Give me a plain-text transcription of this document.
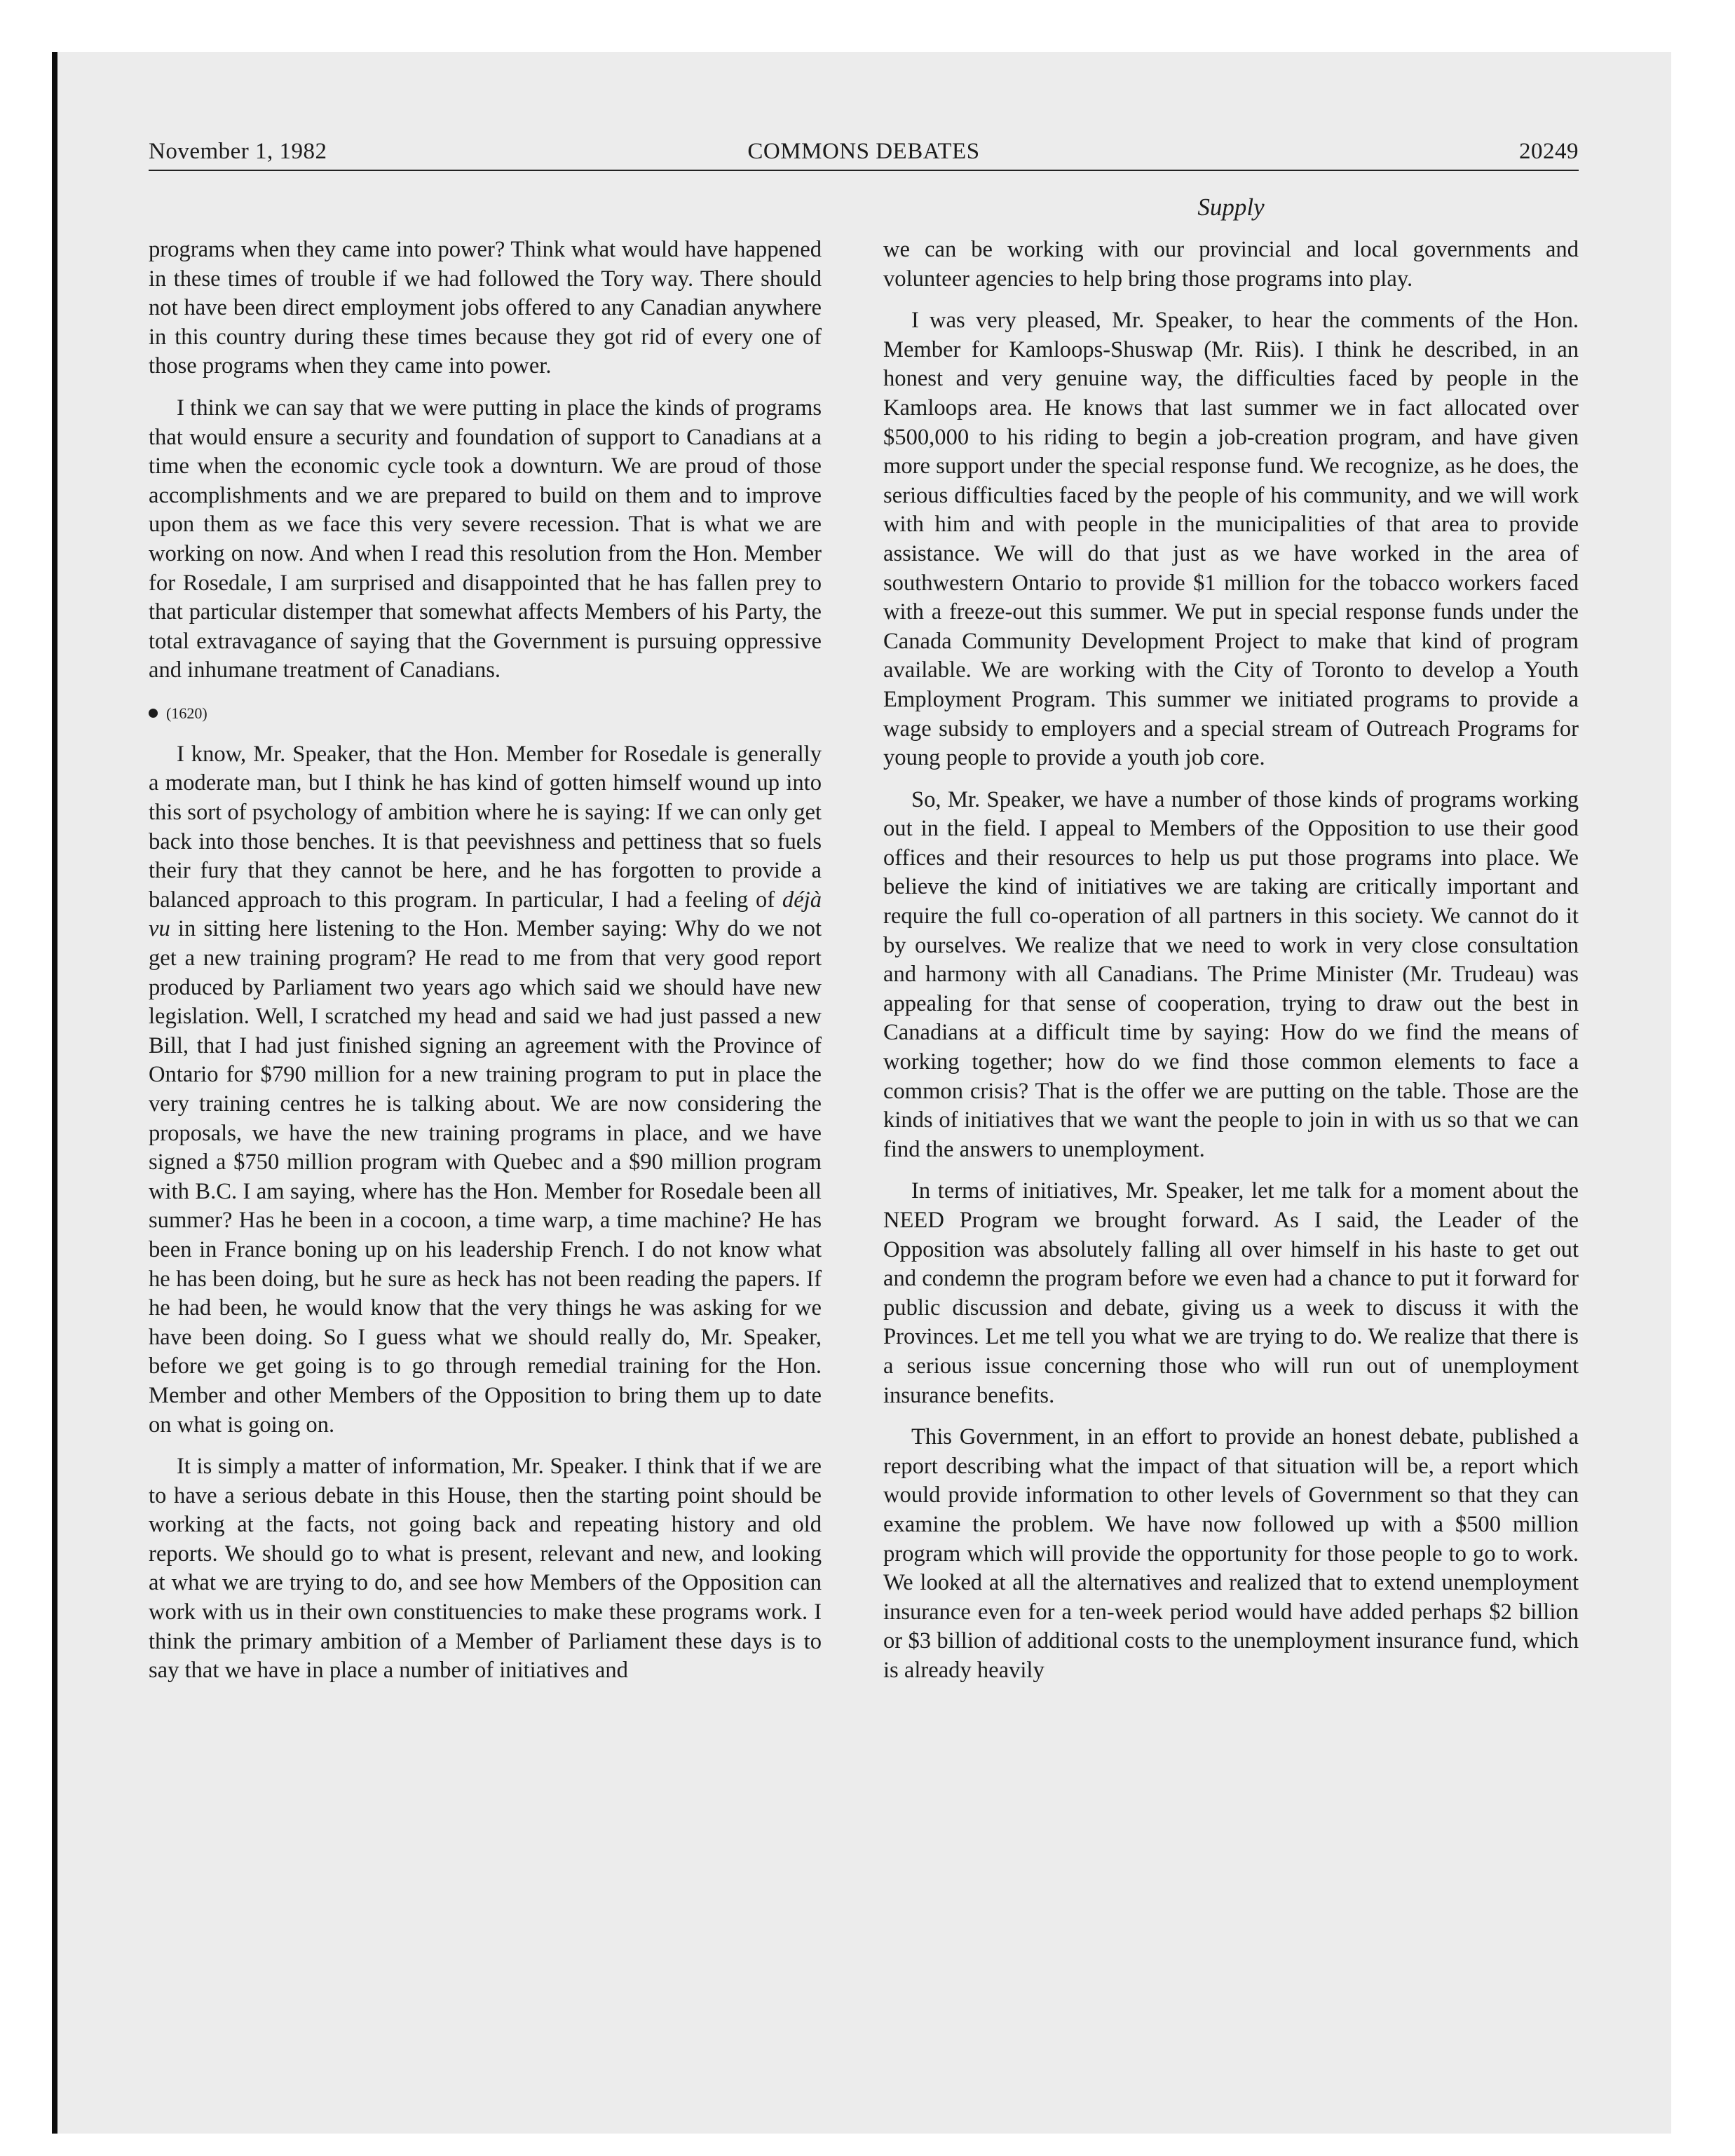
November 1, 1982	COMMONS DEBATES	20249
Supply

programs when they came into power? Think what would have happened in these times of trouble if we had followed the Tory way. There should not have been direct employment jobs offered to any Canadian anywhere in this country during these times because they got rid of every one of those programs when they came into power.

I think we can say that we were putting in place the kinds of programs that would ensure a security and foundation of support to Canadians at a time when the economic cycle took a downturn. We are proud of those accomplishments and we are prepared to build on them and to improve upon them as we face this very severe recession. That is what we are working on now. And when I read this resolution from the Hon. Member for Rosedale, I am surprised and disappointed that he has fallen prey to that particular distemper that somewhat affects Members of his Party, the total extravagance of saying that the Government is pursuing oppressive and inhumane treatment of Canadians.

(1620)

I know, Mr. Speaker, that the Hon. Member for Rosedale is generally a moderate man, but I think he has kind of gotten himself wound up into this sort of psychology of ambition where he is saying: If we can only get back into those benches. It is that peevishness and pettiness that so fuels their fury that they cannot be here, and he has forgotten to provide a balanced approach to this program. In particular, I had a feeling of déjà vu in sitting here listening to the Hon. Member saying: Why do we not get a new training program? He read to me from that very good report produced by Parliament two years ago which said we should have new legislation. Well, I scratched my head and said we had just passed a new Bill, that I had just finished signing an agreement with the Province of Ontario for $790 million for a new training program to put in place the very training centres he is talking about. We are now considering the proposals, we have the new training programs in place, and we have signed a $750 million program with Quebec and a $90 million program with B.C. I am saying, where has the Hon. Member for Rosedale been all summer? Has he been in a cocoon, a time warp, a time machine? He has been in France boning up on his leadership French. I do not know what he has been doing, but he sure as heck has not been reading the papers. If he had been, he would know that the very things he was asking for we have been doing. So I guess what we should really do, Mr. Speaker, before we get going is to go through remedial training for the Hon. Member and other Members of the Opposition to bring them up to date on what is going on.

It is simply a matter of information, Mr. Speaker. I think that if we are to have a serious debate in this House, then the starting point should be working at the facts, not going back and repeating history and old reports. We should go to what is present, relevant and new, and looking at what we are trying to do, and see how Members of the Opposition can work with us in their own constituencies to make these programs work. I think the primary ambition of a Member of Parliament these days is to say that we have in place a number of initiatives and

we can be working with our provincial and local governments and volunteer agencies to help bring those programs into play.

I was very pleased, Mr. Speaker, to hear the comments of the Hon. Member for Kamloops-Shuswap (Mr. Riis). I think he described, in an honest and very genuine way, the difficulties faced by people in the Kamloops area. He knows that last summer we in fact allocated over $500,000 to his riding to begin a job-creation program, and have given more support under the special response fund. We recognize, as he does, the serious difficulties faced by the people of his community, and we will work with him and with people in the municipalities of that area to provide assistance. We will do that just as we have worked in the area of southwestern Ontario to provide $1 million for the tobacco workers faced with a freeze-out this summer. We put in special response funds under the Canada Community Development Project to make that kind of program available. We are working with the City of Toronto to develop a Youth Employment Program. This summer we initiated programs to provide a wage subsidy to employers and a special stream of Outreach Programs for young people to provide a youth job core.

So, Mr. Speaker, we have a number of those kinds of programs working out in the field. I appeal to Members of the Opposition to use their good offices and their resources to help us put those programs into place. We believe the kind of initiatives we are taking are critically important and require the full co-operation of all partners in this society. We cannot do it by ourselves. We realize that we need to work in very close consultation and harmony with all Canadians. The Prime Minister (Mr. Trudeau) was appealing for that sense of cooperation, trying to draw out the best in Canadians at a difficult time by saying: How do we find the means of working together; how do we find those common elements to face a common crisis? That is the offer we are putting on the table. Those are the kinds of initiatives that we want the people to join in with us so that we can find the answers to unemployment.

In terms of initiatives, Mr. Speaker, let me talk for a moment about the NEED Program we brought forward. As I said, the Leader of the Opposition was absolutely falling all over himself in his haste to get out and condemn the program before we even had a chance to put it forward for public discussion and debate, giving us a week to discuss it with the Provinces. Let me tell you what we are trying to do. We realize that there is a serious issue concerning those who will run out of unemployment insurance benefits.

This Government, in an effort to provide an honest debate, published a report describing what the impact of that situation will be, a report which would provide information to other levels of Government so that they can examine the problem. We have now followed up with a $500 million program which will provide the opportunity for those people to go to work. We looked at all the alternatives and realized that to extend unemployment insurance even for a ten-week period would have added perhaps $2 billion or $3 billion of additional costs to the unemployment insurance fund, which is already heavily
